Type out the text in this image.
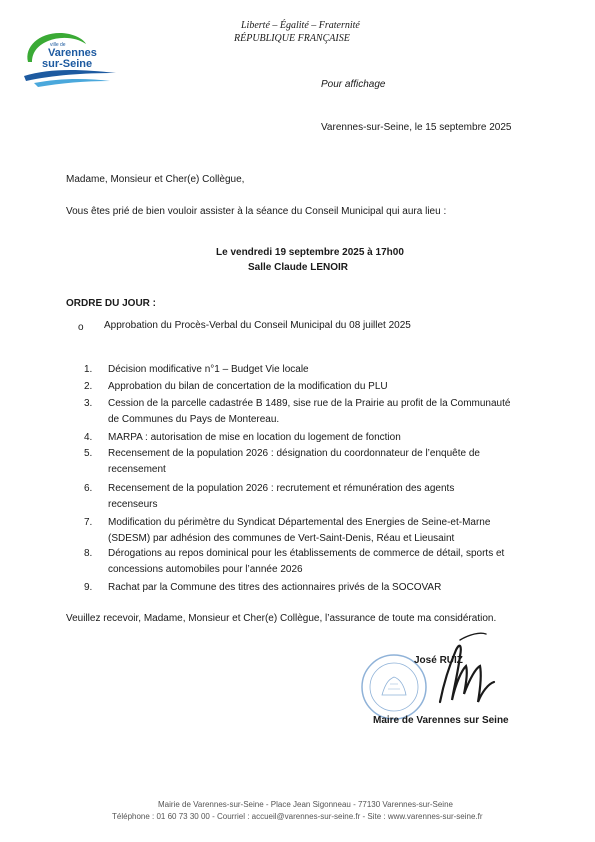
ville de
Varennes
sur-Seine
Liberté – Égalité – Fraternité
RÉPUBLIQUE FRANÇAISE
Pour affichage
Varennes-sur-Seine, le 15 septembre 2025
Madame, Monsieur et Cher(e) Collègue,
Vous êtes prié de bien vouloir assister à la séance du Conseil Municipal qui aura lieu :
Le vendredi 19 septembre 2025 à 17h00
Salle Claude LENOIR
ORDRE DU JOUR :
o Approbation du Procès-Verbal du Conseil Municipal du 08 juillet 2025
1. Décision modificative n°1 – Budget Vie locale
2. Approbation du bilan de concertation de la modification du PLU
3. Cession de la parcelle cadastrée B 1489, sise rue de la Prairie au profit de la Communauté
de Communes du Pays de Montereau.
4. MARPA : autorisation de mise en location du logement de fonction
5. Recensement de la population 2026 : désignation du coordonnateur de l’enquête de
recensement
6. Recensement de la population 2026 : recrutement et rémunération des agents
recenseurs
7. Modification du périmètre du Syndicat Départemental des Energies de Seine-et-Marne
(SDESM) par adhésion des communes de Vert-Saint-Denis, Réau et Lieusaint
8. Dérogations au repos dominical pour les établissements de commerce de détail, sports et
concessions automobiles pour l’année 2026
9. Rachat par la Commune des titres des actionnaires privés de la SOCOVAR
Veuillez recevoir, Madame, Monsieur et Cher(e) Collègue, l’assurance de toute ma considération.
José RUIZ
Maire de Varennes sur Seine
Mairie de Varennes-sur-Seine - Place Jean Sigonneau - 77130 Varennes-sur-Seine
Téléphone : 01 60 73 30 00 - Courriel : accueil@varennes-sur-seine.fr - Site : www.varennes-sur-seine.fr
